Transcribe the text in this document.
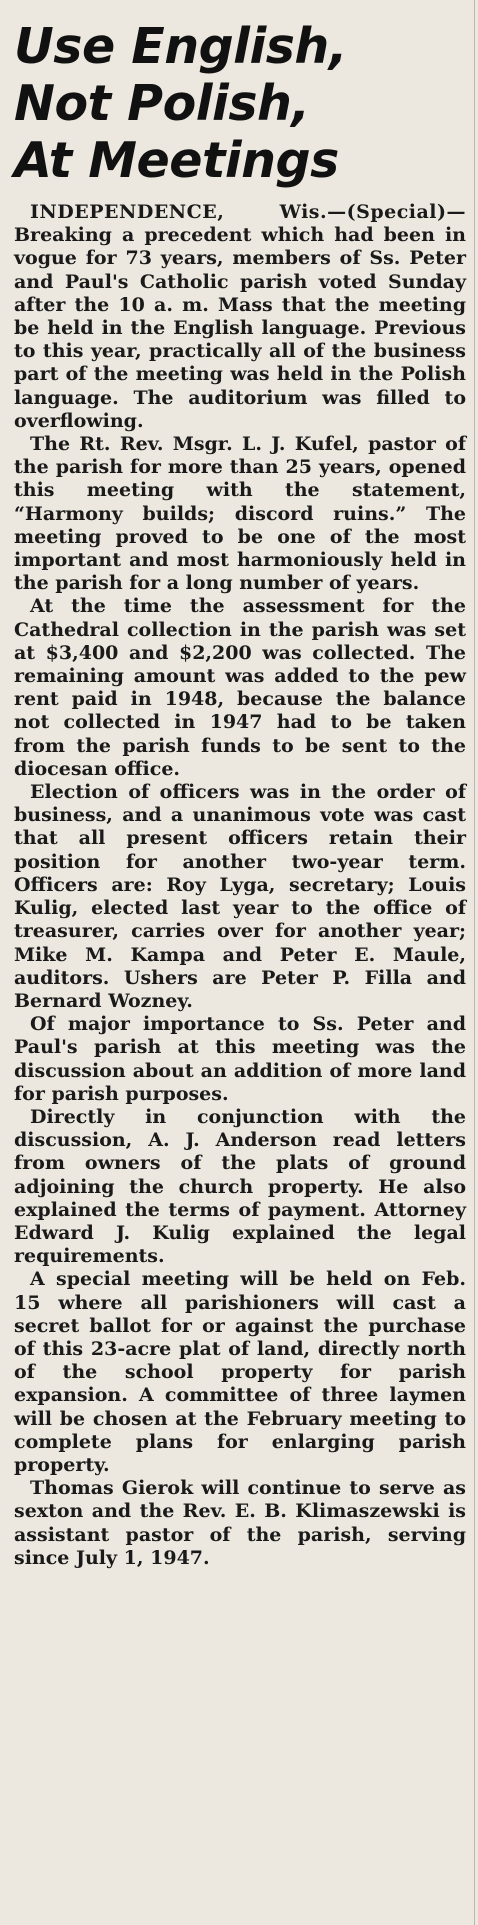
Use English,
Not Polish,
At Meetings

INDEPENDENCE, Wis.—(Special)—Breaking a precedent which had been in vogue for 73 years, members of Ss. Peter and Paul's Catholic parish voted Sunday after the 10 a. m. Mass that the meeting be held in the English language. Previous to this year, practically all of the business part of the meeting was held in the Polish language. The auditorium was filled to overflowing.

The Rt. Rev. Msgr. L. J. Kufel, pastor of the parish for more than 25 years, opened this meeting with the statement, “Harmony builds; discord ruins.” The meeting proved to be one of the most important and most harmoniously held in the parish for a long number of years.

At the time the assessment for the Cathedral collection in the parish was set at $3,400 and $2,200 was collected. The remaining amount was added to the pew rent paid in 1948, because the balance not collected in 1947 had to be taken from the parish funds to be sent to the diocesan office.

Election of officers was in the order of business, and a unanimous vote was cast that all present officers retain their position for another two-year term. Officers are: Roy Lyga, secretary; Louis Kulig, elected last year to the office of treasurer, carries over for another year; Mike M. Kampa and Peter E. Maule, auditors. Ushers are Peter P. Filla and Bernard Wozney.

Of major importance to Ss. Peter and Paul's parish at this meeting was the discussion about an addition of more land for parish purposes.

Directly in conjunction with the discussion, A. J. Anderson read letters from owners of the plats of ground adjoining the church property. He also explained the terms of payment. Attorney Edward J. Kulig explained the legal requirements.

A special meeting will be held on Feb. 15 where all parishioners will cast a secret ballot for or against the purchase of this 23-acre plat of land, directly north of the school property for parish expansion. A committee of three laymen will be chosen at the February meeting to complete plans for enlarging parish property.

Thomas Gierok will continue to serve as sexton and the Rev. E. B. Klimaszewski is assistant pastor of the parish, serving since July 1, 1947.
